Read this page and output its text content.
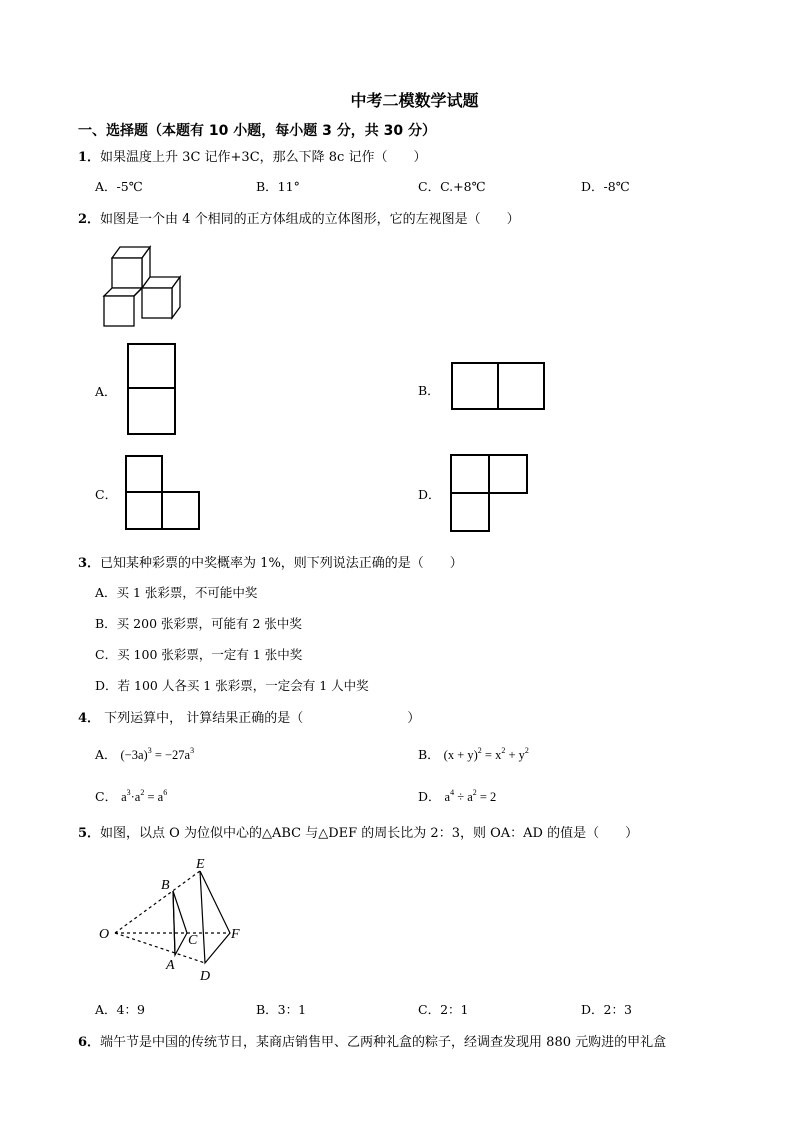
中考二模数学试题
一、选择题（本题有 10 小题，每小题 3 分，共 30 分）
1．如果温度上升 3C 记作+3C，那么下降 8c 记作（　　）
A．-5℃	B．11°	C．C.+8℃	D．-8℃
2．如图是一个由 4 个相同的正方体组成的立体图形，它的左视图是（　　）
A．	B．
C．	D．
3．已知某种彩票的中奖概率为 1%，则下列说法正确的是（　　）
A．买 1 张彩票，不可能中奖
B．买 200 张彩票，可能有 2 张中奖
C．买 100 张彩票，一定有 1 张中奖
D．若 100 人各买 1 张彩票，一定会有 1 人中奖
4． 下列运算中， 计算结果正确的是（　　　　　　　　）
A． $(-3a)^3 = -27a^3$	B． $(x + y)^2 = x^2 + y^2$
C． $a^3\cdot a^2 = a^6$	D． $a^4 \div a^2 = 2$
5．如图，以点 O 为位似中心的△ABC 与△DEF 的周长比为 2：3，则 OA：AD 的值是（　　）
E
B
O	C F
A
D
A．4：9	B．3：1	C．2：1	D．2：3
6．端午节是中国的传统节日，某商店销售甲、乙两种礼盒的粽子，经调查发现用 880 元购进的甲礼盒
